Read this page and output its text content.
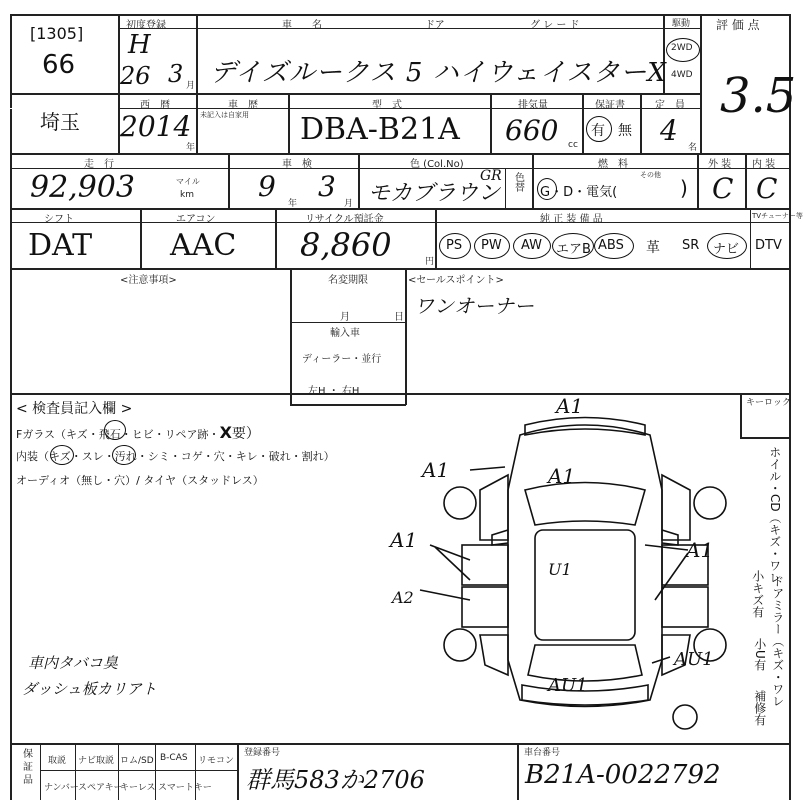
[1305]
66
初度登録
H
26 3 月
車　　名	ドア	グ レ ー ド
デイズルークス 5 ハイウェイスターX
駆動
2WD
4WD
評 価 点
3.5
埼玉
西　暦
2014
年
車　歴
未記入は自家用
型　式
DBA-B21A
排気量
660 cc
保証書
有 無
定　員
4
名
走　行
92,903	マイル
km
車　検
9
年
3
月
色 (Col.No)
モカブラウン
GR 色替
燃　料
G・D・電気(
その他
)
外 装
C
内 装
C
シフト
DAT
エアコン
AAC
リサイクル預託金
8,860	円
純 正 装 備 品	TVチューナー等
PS PW AW エアB ABS 革 SR ナビ DTV
<注意事項>	名変期限
月	日
輸入車
ディーラー・並行
左H ・ 右H
<セールスポイント>
ワンオーナー
< 検査員記入欄 >
Fガラス（キズ・飛石・ヒビ・リペア跡・X要）
内装（キズ・スレ・汚れ・シミ・コゲ・穴・キレ・破れ・割れ）
オーディオ（無し・穴）/ タイヤ（スタッドレス）
車内タバコ臭
ダッシュ板カリアト
キーロック
ホイル・CD（キズ・ワレ
ドアミラー（キズ・ワレ
小キズ有
小U有
補修有
A1
A1	A1
A1
A2
A1
AU1
AU1
U1
保 証 品 取説 ナビ取説 ロム/SD B-CAS リモコン
ナンバー スペアキー
キーレス スマートキー
登録番号
群馬583か2706
車台番号
B21A-0022792
